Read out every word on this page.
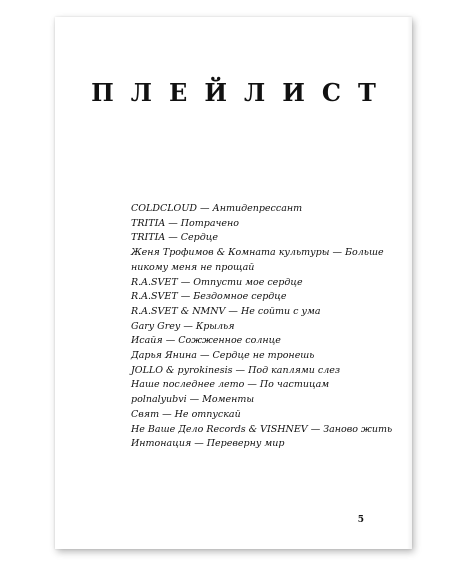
ПЛЕЙЛИСТ
COLDCLOUD — Антидепрессант
TRITIA — Потрачено
TRITIA — Сердце
Женя Трофимов & Комната культуры — Больше
никому меня не прощай
R.A.SVET — Отпусти мое сердце
R.A.SVET — Бездомное сердце
R.A.SVET & NMNV — Не сойти с ума
Gary Grey — Крылья
Исайя — Сожженное солнце
Дарья Янина — Сердце не тронешь
JOLLO & pyrokinesis — Под каплями слез
Наше последнее лето — По частицам
polnalyubvi — Моменты
Свят — Не отпускай
Не Ваше Дело Records & VISHNEV — Заново жить
Интонация — Переверну мир
5
